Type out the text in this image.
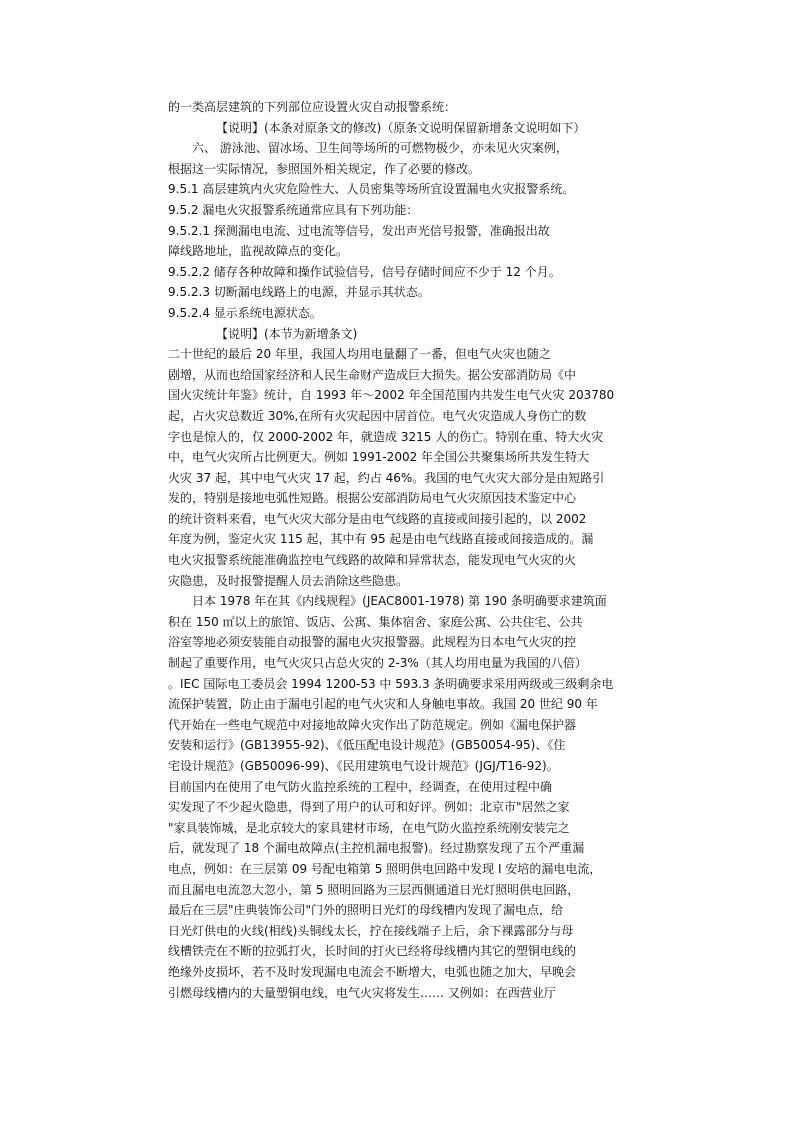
的一类高层建筑的下列部位应设置火灾自动报警系统：
【说明】(本条对原条文的修改)（原条文说明保留新增条文说明如下）
六、 游泳池、留冰场、卫生间等场所的可燃物极少，亦未见火灾案例，
根据这一实际情况，参照国外相关规定，作了必要的修改。
9.5.1 高层建筑内火灾危险性大、人员密集等场所宜设置漏电火灾报警系统。
9.5.2 漏电火灾报警系统通常应具有下列功能：
9.5.2.1 探测漏电电流、过电流等信号，发出声光信号报警，准确报出故
障线路地址，监视故障点的变化。
9.5.2.2 储存各种故障和操作试验信号，信号存储时间应不少于 12 个月。
9.5.2.3 切断漏电线路上的电源，并显示其状态。
9.5.2.4 显示系统电源状态。
【说明】(本节为新增条文)
二十世纪的最后 20 年里，我国人均用电量翻了一番，但电气火灾也随之
剧增，从而也给国家经济和人民生命财产造成巨大损失。据公安部消防局《中
国火灾统计年鉴》统计，自 1993 年～2002 年全国范围内共发生电气火灾 203780
起，占火灾总数近 30%,在所有火灾起因中居首位。电气火灾造成人身伤亡的数
字也是惊人的，仅 2000-2002 年，就造成 3215 人的伤亡。特别在重、特大火灾
中，电气火灾所占比例更大。例如 1991-2002 年全国公共聚集场所共发生特大
火灾 37 起，其中电气火灾 17 起，约占 46%。我国的电气火灾大部分是由短路引
发的，特别是接地电弧性短路。根据公安部消防局电气火灾原因技术鉴定中心
的统计资料来看，电气火灾大部分是由电气线路的直接或间接引起的，以 2002
年度为例，鉴定火灾 115 起，其中有 95 起是由电气线路直接或间接造成的。漏
电火灾报警系统能准确监控电气线路的故障和异常状态，能发现电气火灾的火
灾隐患，及时报警提醒人员去消除这些隐患。
日本 1978 年在其《内线规程》(JEAC8001-1978) 第 190 条明确要求建筑面
积在 150 ㎡以上的旅馆、饭店、公寓、集体宿舍、家庭公寓、公共住宅、公共
浴室等地必须安装能自动报警的漏电火灾报警器。此规程为日本电气火灾的控
制起了重要作用，电气火灾只占总火灾的 2-3%（其人均用电量为我国的八倍）
。IEC 国际电工委员会 1994 1200-53 中 593.3 条明确要求采用两级或三级剩余电
流保护装置，防止由于漏电引起的电气火灾和人身触电事故。我国 20 世纪 90 年
代开始在一些电气规范中对接地故障火灾作出了防范规定。例如《漏电保护器
安装和运行》(GB13955-92)、《低压配电设计规范》(GB50054-95)、《住
宅设计规范》(GB50096-99)、《民用建筑电气设计规范》(JGJ/T16-92)。
目前国内在使用了电气防火监控系统的工程中，经调查，在使用过程中确
实发现了不少起火隐患，得到了用户的认可和好评。例如：北京市"居然之家
"家具装饰城，是北京较大的家具建材市场，在电气防火监控系统刚安装完之
后，就发现了 18 个漏电故障点(主控机漏电报警)。经过勘察发现了五个严重漏
电点，例如：在三层第 09 号配电箱第 5 照明供电回路中发现 I 安培的漏电电流，
而且漏电电流忽大忽小，第 5 照明回路为三层西侧通道日光灯照明供电回路，
最后在三层"庄典装饰公司"门外的照明日光灯的母线槽内发现了漏电点，给
日光灯供电的火线(相线)头铜线太长，拧在接线端子上后，余下裸露部分与母
线槽铁壳在不断的拉弧打火，长时间的打火已经将母线槽内其它的塑铜电线的
绝缘外皮损坏，若不及时发现漏电电流会不断增大，电弧也随之加大，早晚会
引燃母线槽内的大量塑铜电线，电气火灾将发生…… 又例如：在西营业厅
